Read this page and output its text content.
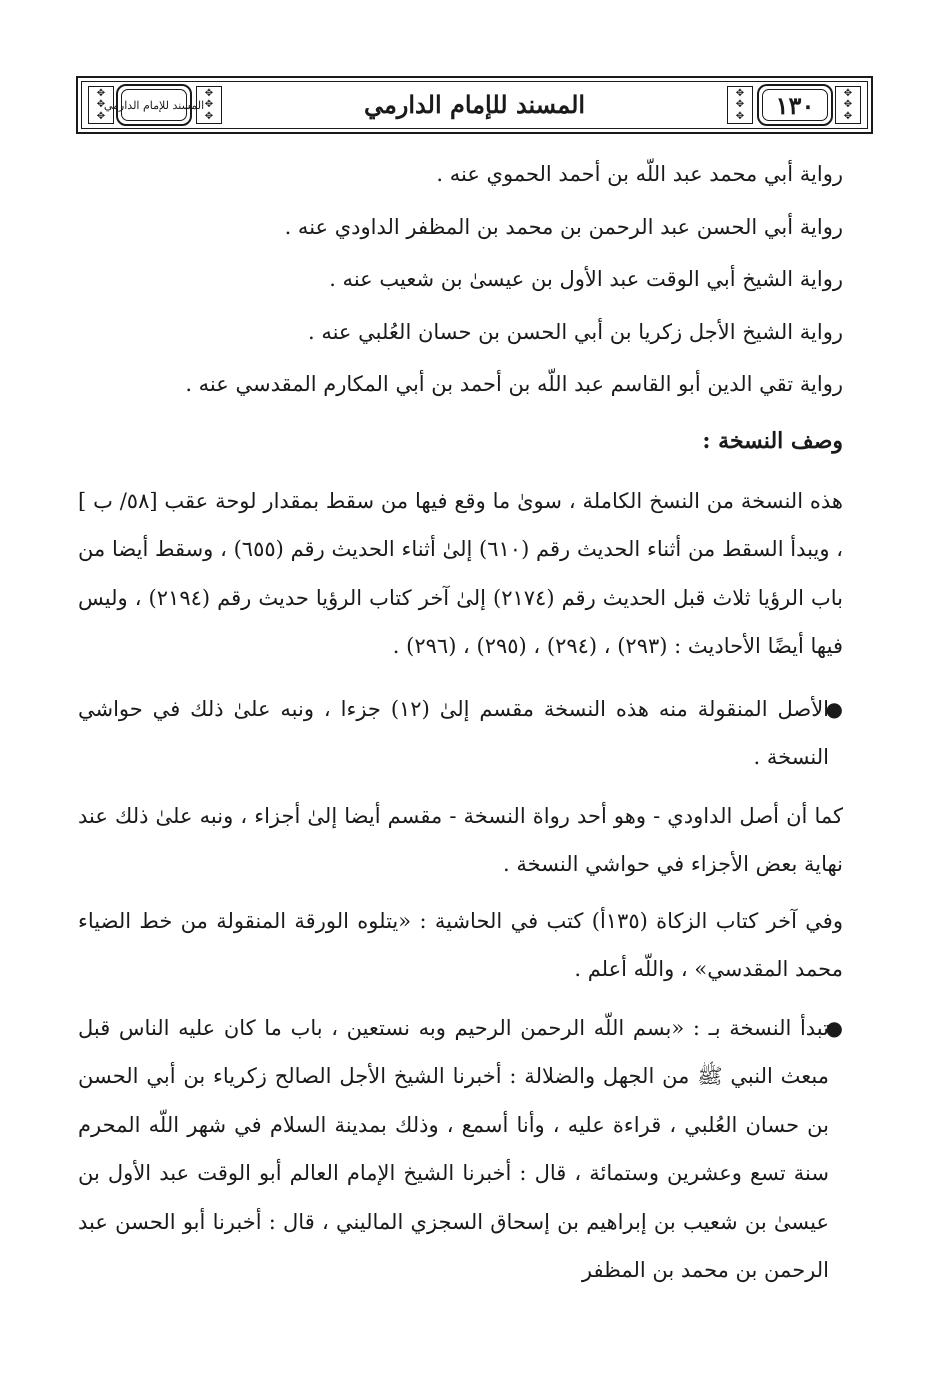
✥
✥
✥
✥
✥
✥
✥
✥
✥
✥
✥
✥
المسند للإمام الدارمي	المسند للإمام الدارمي	١٣٠

رواية أبي محمد عبد اللّه بن أحمد الحموي عنه .

رواية أبي الحسن عبد الرحمن بن محمد بن المظفر الداودي عنه .

رواية الشيخ أبي الوقت عبد الأول بن عيسىٰ بن شعيب عنه .

رواية الشيخ الأجل زكريا بن أبي الحسن بن حسان العُلبي عنه .

رواية تقي الدين أبو القاسم عبد اللّه بن أحمد بن أبي المكارم المقدسي عنه .

وصف النسخة :

هذه النسخة من النسخ الكاملة ، سوىٰ ما وقع فيها من سقط بمقدار لوحة عقب [٥٨/ ب ] ، ويبدأ السقط من أثناء الحديث رقم (٦١٠) إلىٰ أثناء الحديث رقم (٦٥٥) ، وسقط أيضا من باب الرؤيا ثلاث قبل الحديث رقم (٢١٧٤) إلىٰ آخر كتاب الرؤيا حديث رقم (٢١٩٤) ، وليس فيها أيضًا الأحاديث : (٢٩٣) ، (٢٩٤) ، (٢٩٥) ، (٢٩٦) .

●
الأصل المنقولة منه هذه النسخة مقسم إلىٰ (١٢) جزءا ، ونبه علىٰ ذلك في حواشي النسخة .

كما أن أصل الداودي - وهو أحد رواة النسخة - مقسم أيضا إلىٰ أجزاء ، ونبه علىٰ ذلك عند نهاية بعض الأجزاء في حواشي النسخة .

وفي آخر كتاب الزكاة (١٣٥أ) كتب في الحاشية : «يتلوه الورقة المنقولة من خط الضياء محمد المقدسي» ، واللّه أعلم .

●
تبدأ النسخة بـ : «بسم اللّه الرحمن الرحيم وبه نستعين ، باب ما كان عليه الناس قبل مبعث النبي ﷺ من الجهل والضلالة : أخبرنا الشيخ الأجل الصالح زكرياء بن أبي الحسن بن حسان العُلبي ، قراءة عليه ، وأنا أسمع ، وذلك بمدينة السلام في شهر اللّه المحرم سنة تسع وعشرين وستمائة ، قال : أخبرنا الشيخ الإمام العالم أبو الوقت عبد الأول بن عيسىٰ بن شعيب بن إبراهيم بن إسحاق السجزي الماليني ، قال : أخبرنا أبو الحسن عبد الرحمن بن محمد بن المظفر
